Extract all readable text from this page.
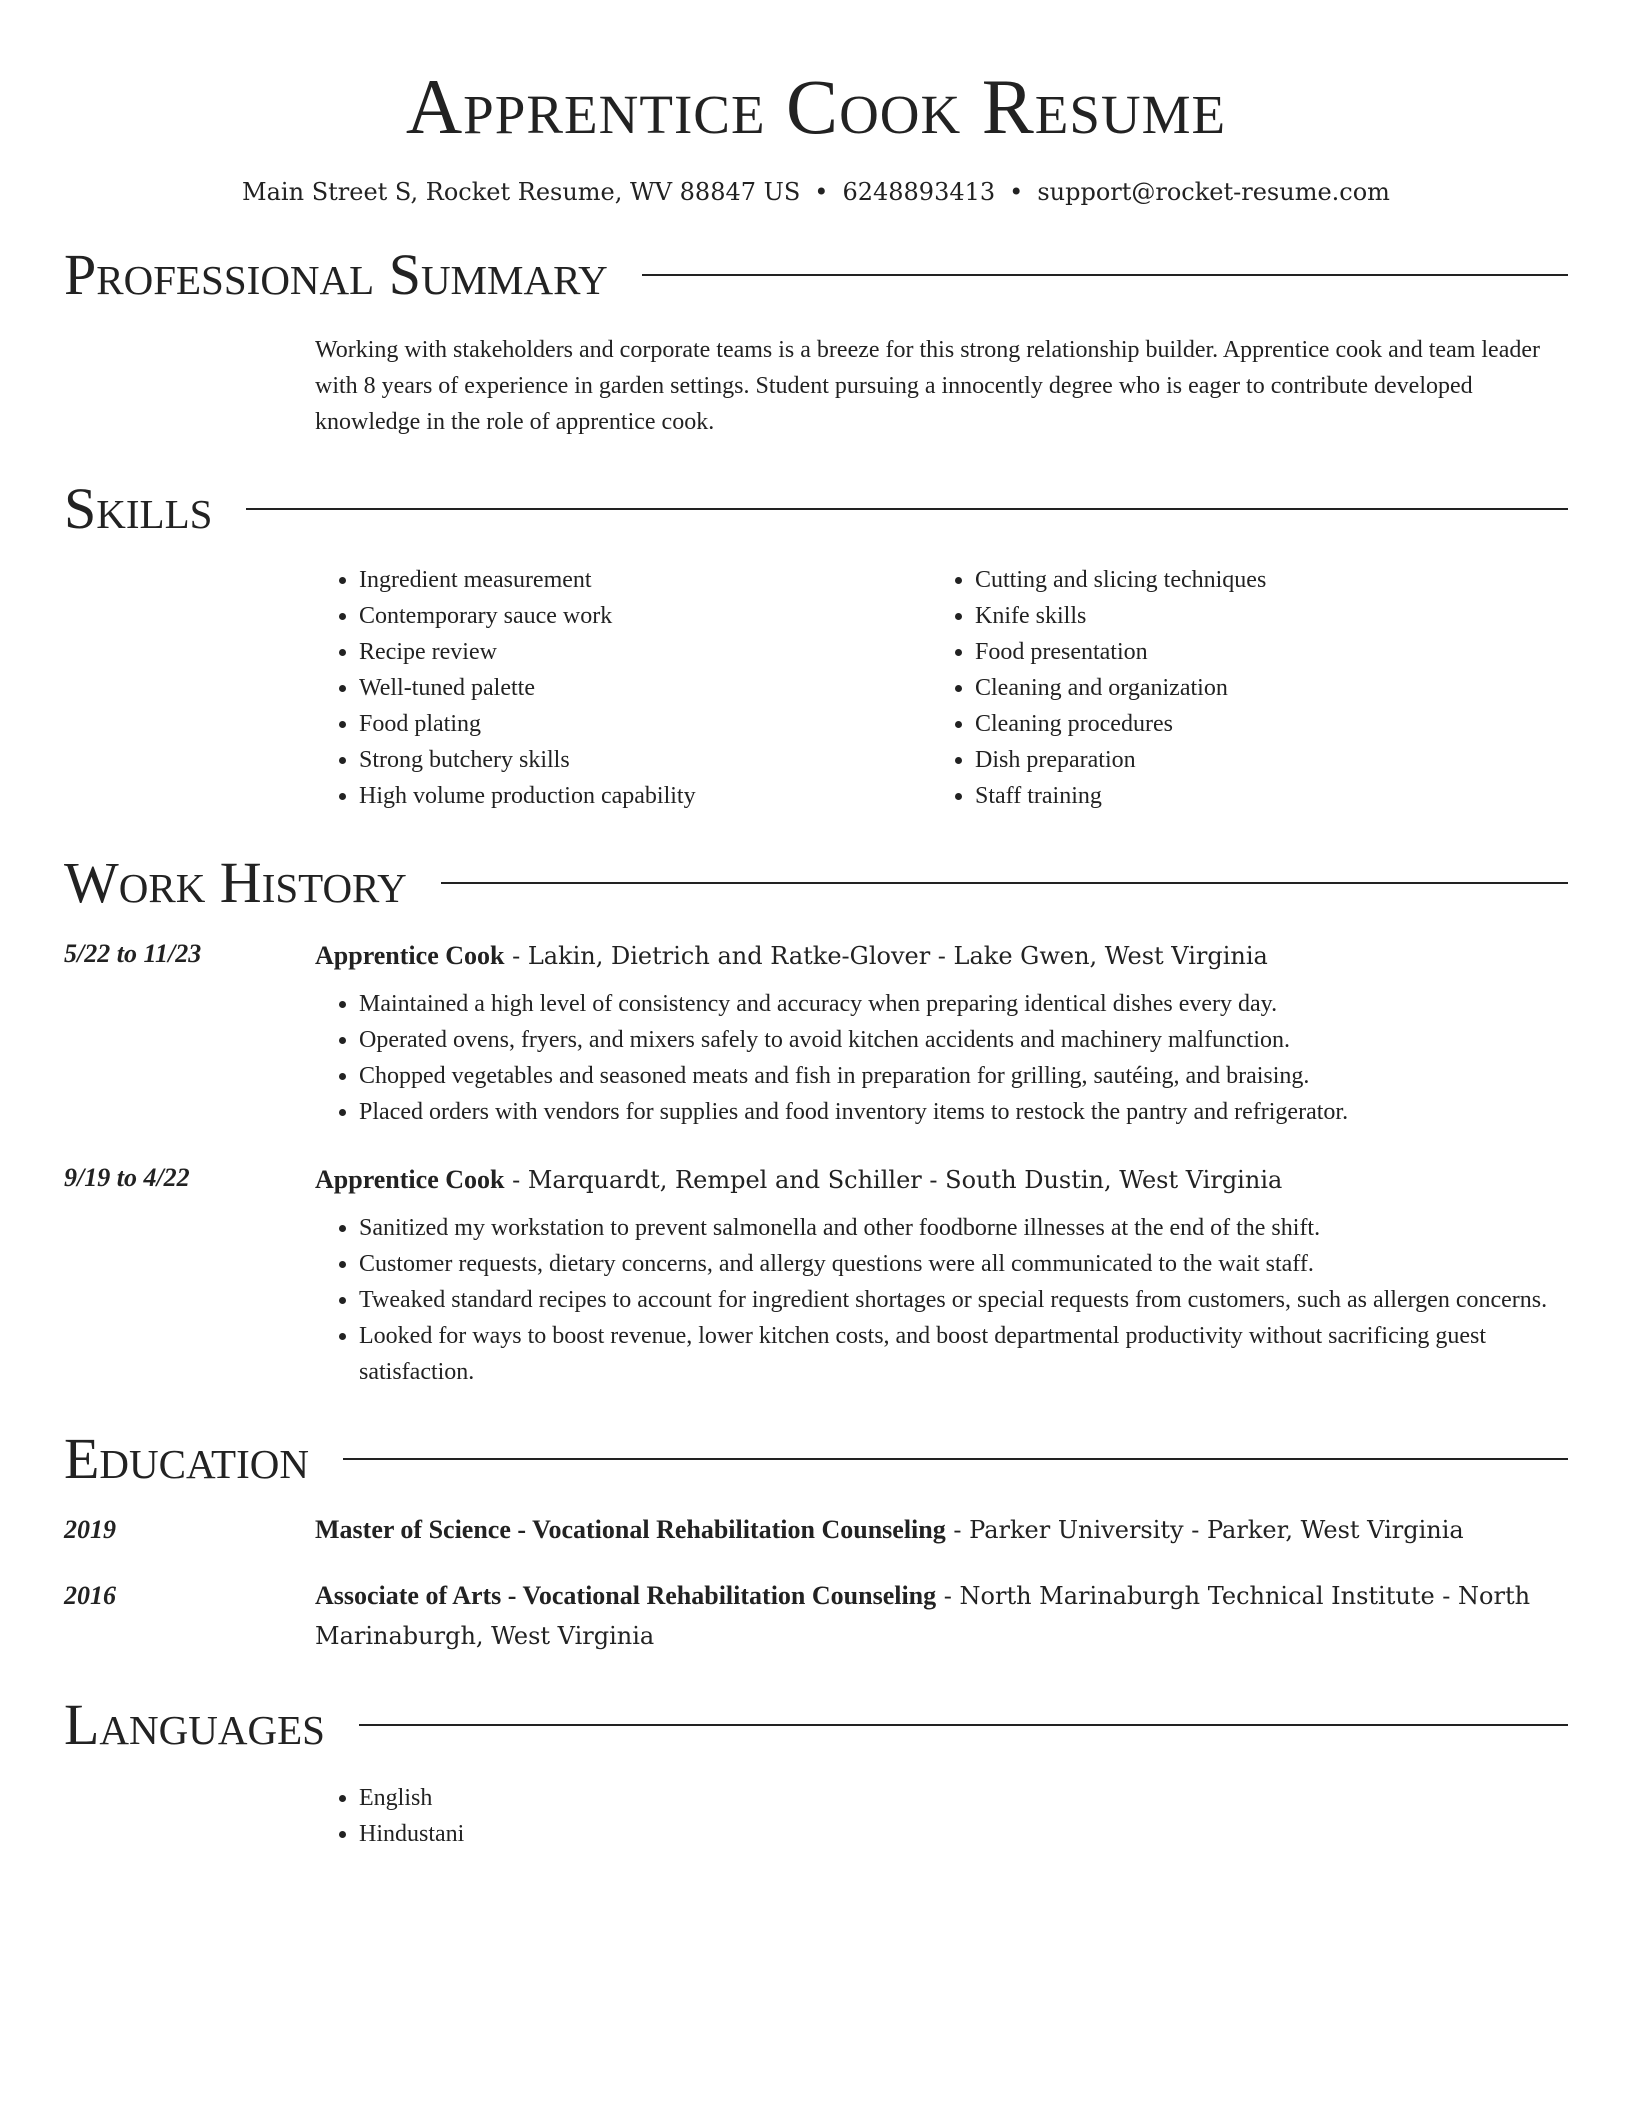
Apprentice Cook Resume
Main Street S, Rocket Resume, WV 88847 US • 6248893413 • support@rocket-resume.com
Professional Summary
Working with stakeholders and corporate teams is a breeze for this strong relationship builder. Apprentice cook and team leader with 8 years of experience in garden settings. Student pursuing a innocently degree who is eager to contribute developed knowledge in the role of apprentice cook.
Skills
• Ingredient measurement
• Contemporary sauce work
• Recipe review
• Well-tuned palette
• Food plating
• Strong butchery skills
• High volume production capability
• Cutting and slicing techniques
• Knife skills
• Food presentation
• Cleaning and organization
• Cleaning procedures
• Dish preparation
• Staff training
Work History
5/22 to 11/23	Apprentice Cook - Lakin, Dietrich and Ratke-Glover - Lake Gwen, West Virginia
• Maintained a high level of consistency and accuracy when preparing identical dishes every day.
• Operated ovens, fryers, and mixers safely to avoid kitchen accidents and machinery malfunction.
• Chopped vegetables and seasoned meats and fish in preparation for grilling, sautéing, and braising.
• Placed orders with vendors for supplies and food inventory items to restock the pantry and refrigerator.
9/19 to 4/22	Apprentice Cook - Marquardt, Rempel and Schiller - South Dustin, West Virginia
• Sanitized my workstation to prevent salmonella and other foodborne illnesses at the end of the shift.
• Customer requests, dietary concerns, and allergy questions were all communicated to the wait staff.
• Tweaked standard recipes to account for ingredient shortages or special requests from customers, such as allergen concerns.
• Looked for ways to boost revenue, lower kitchen costs, and boost departmental productivity without sacrificing guest satisfaction.
Education
2019	Master of Science - Vocational Rehabilitation Counseling - Parker University - Parker, West Virginia
2016	Associate of Arts - Vocational Rehabilitation Counseling - North Marinaburgh Technical Institute - North Marinaburgh, West Virginia
Languages
• English
• Hindustani
